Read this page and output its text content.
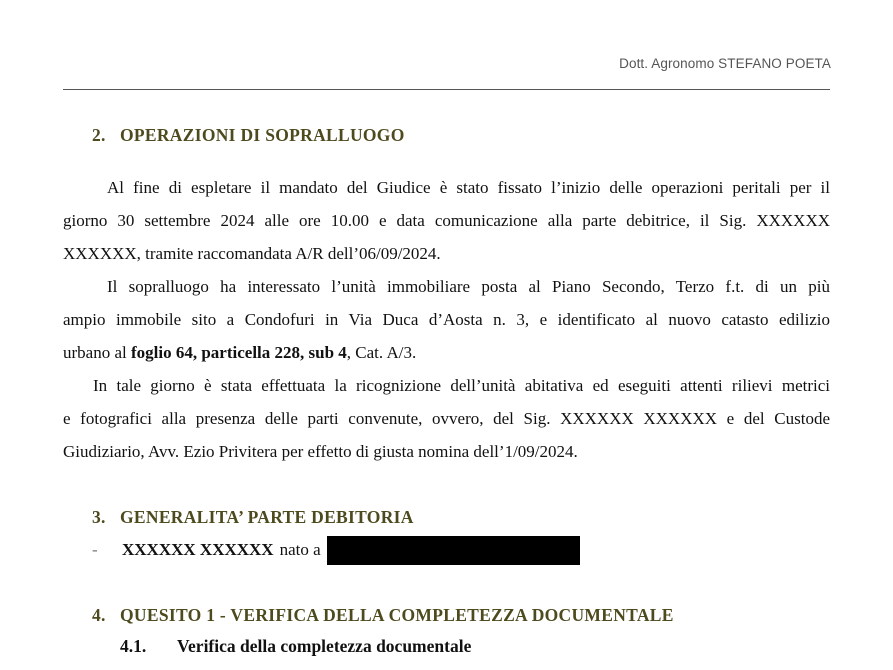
Dott. Agronomo STEFANO POETA
2. OPERAZIONI DI SOPRALLUOGO
Al fine di espletare il mandato del Giudice è stato fissato l’inizio delle operazioni peritali per il
giorno 30 settembre 2024 alle ore 10.00 e data comunicazione alla parte debitrice, il Sig. XXXXXX
XXXXXX, tramite raccomandata A/R dell’06/09/2024.
Il sopralluogo ha interessato l’unità immobiliare posta al Piano Secondo, Terzo f.t. di un più
ampio immobile sito a Condofuri in Via Duca d’Aosta n. 3, e identificato al nuovo catasto edilizio
urbano al foglio 64, particella 228, sub 4, Cat. A/3.
In tale giorno è stata effettuata la ricognizione dell’unità abitativa ed eseguiti attenti rilievi metrici
e fotografici alla presenza delle parti convenute, ovvero, del Sig. XXXXXX XXXXXX e del Custode
Giudiziario, Avv. Ezio Privitera per effetto di giusta nomina dell’1/09/2024.
3. GENERALITA’ PARTE DEBITORIA
-	XXXXXX XXXXXX nato a
4. QUESITO 1 - VERIFICA DELLA COMPLETEZZA DOCUMENTALE
4.1. Verifica della completezza documentale
